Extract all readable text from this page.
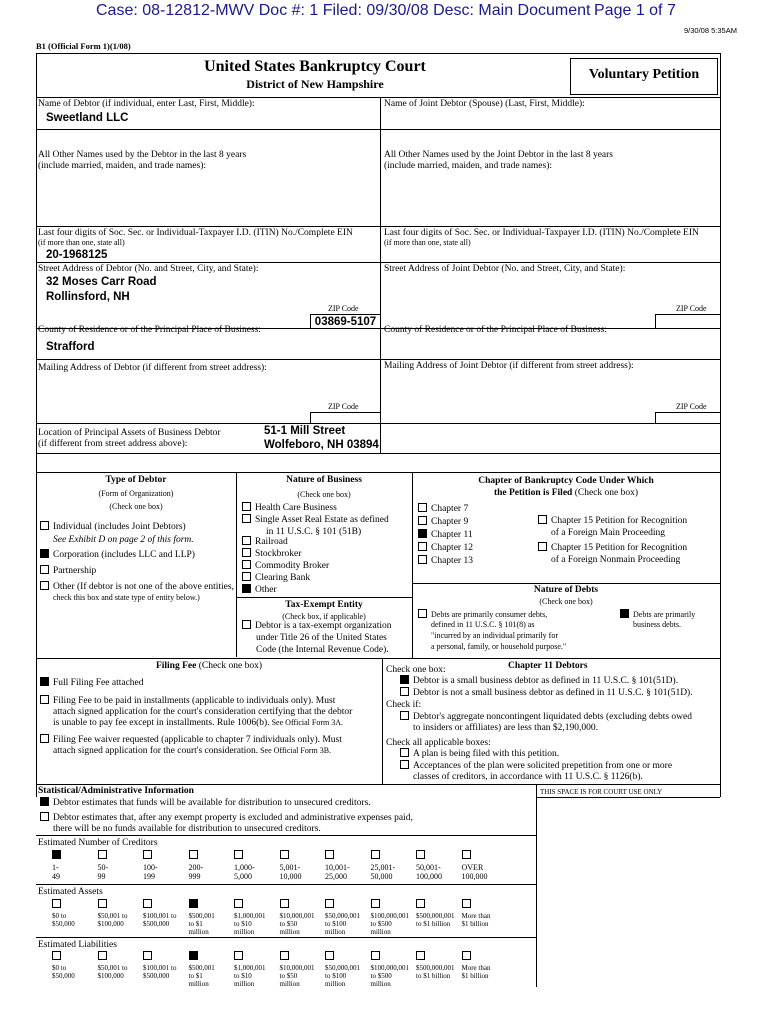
Case: 08-12812-MWV Doc #: 1 Filed: 09/30/08 Desc: Main Document Page 1 of 7
9/30/08 5:35AM
B1 (Official Form 1)(1/08)
United States Bankruptcy Court
District of New Hampshire
Voluntary Petition
Name of Debtor (if individual, enter Last, First, Middle):
Sweetland LLC
Name of Joint Debtor (Spouse) (Last, First, Middle):
All Other Names used by the Debtor in the last 8 years
(include married, maiden, and trade names):
All Other Names used by the Joint Debtor in the last 8 years
(include married, maiden, and trade names):
Last four digits of Soc. Sec. or Individual-Taxpayer I.D. (ITIN) No./Complete EIN
(if more than one, state all)
20-1968125
Last four digits of Soc. Sec. or Individual-Taxpayer I.D. (ITIN) No./Complete EIN
(if more than one, state all)
Street Address of Debtor (No. and Street, City, and State):
32 Moses Carr Road
Rollinsford, NH
Street Address of Joint Debtor (No. and Street, City, and State):
ZIP Code
03869-5107
ZIP Code
County of Residence or of the Principal Place of Business:
Strafford
County of Residence or of the Principal Place of Business:
Mailing Address of Debtor (if different from street address):	Mailing Address of Joint Debtor (if different from street address):
ZIP Code	ZIP Code
Location of Principal Assets of Business Debtor
(if different from street address above):
51-1 Mill Street
Wolfeboro, NH 03894
Type of Debtor
(Form of Organization)
(Check one box)
Individual (includes Joint Debtors)
See Exhibit D on page 2 of this form.
Corporation (includes LLC and LLP)
Partnership
Other (If debtor is not one of the above entities,
check this box and state type of entity below.)
Nature of Business
(Check one box)
Health Care Business
Single Asset Real Estate as defined
in 11 U.S.C. § 101 (51B)
Railroad
Stockbroker
Commodity Broker
Clearing Bank
Other
Tax-Exempt Entity
(Check box, if applicable)
Debtor is a tax-exempt organization
under Title 26 of the United States
Code (the Internal Revenue Code).
Chapter of Bankruptcy Code Under Which
the Petition is Filed (Check one box)
Chapter 7
Chapter 9
Chapter 11
Chapter 12
Chapter 13
Chapter 15 Petition for Recognition
of a Foreign Main Proceeding
Chapter 15 Petition for Recognition
of a Foreign Nonmain Proceeding
Nature of Debts
(Check one box)
Debts are primarily consumer debts,
defined in 11 U.S.C. § 101(8) as
"incurred by an individual primarily for
a personal, family, or household purpose."
Debts are primarily
business debts.
Filing Fee (Check one box)
Full Filing Fee attached
Filing Fee to be paid in installments (applicable to individuals only). Must
attach signed application for the court's consideration certifying that the debtor
is unable to pay fee except in installments. Rule 1006(b). See Official Form 3A.
Filing Fee waiver requested (applicable to chapter 7 individuals only). Must
attach signed application for the court's consideration. See Official Form 3B.
Chapter 11 Debtors
Check one box:
Debtor is a small business debtor as defined in 11 U.S.C. § 101(51D).
Debtor is not a small business debtor as defined in 11 U.S.C. § 101(51D).
Check if:
Debtor's aggregate noncontingent liquidated debts (excluding debts owed
to insiders or affiliates) are less than $2,190,000.
Check all applicable boxes:
A plan is being filed with this petition.
Acceptances of the plan were solicited prepetition from one or more
classes of creditors, in accordance with 11 U.S.C. § 1126(b).
Statistical/Administrative Information	THIS SPACE IS FOR COURT USE ONLY
Debtor estimates that funds will be available for distribution to unsecured creditors.
Debtor estimates that, after any exempt property is excluded and administrative expenses paid,
there will be no funds available for distribution to unsecured creditors.
Estimated Number of Creditors
1-
49
50-
99
100-
199
200-
999
1,000-
5,000
5,001-
10,000
10,001-
25,000
25,001-
50,000
50,001-
100,000
OVER
100,000
Estimated Assets
$0 to
$50,000
$50,001 to
$100,000
$100,001 to
$500,000
$500,001
to $1
million
$1,000,001
to $10
million
$10,000,001
to $50
million
$50,000,001
to $100
million
$100,000,001
to $500
million
$500,000,001
to $1 billion
More than
$1 billion
Estimated Liabilities
$0 to
$50,000
$50,001 to
$100,000
$100,001 to
$500,000
$500,001
to $1
million
$1,000,001
to $10
million
$10,000,001
to $50
million
$50,000,001
to $100
million
$100,000,001
to $500
million
$500,000,001
to $1 billion
More than
$1 billion
